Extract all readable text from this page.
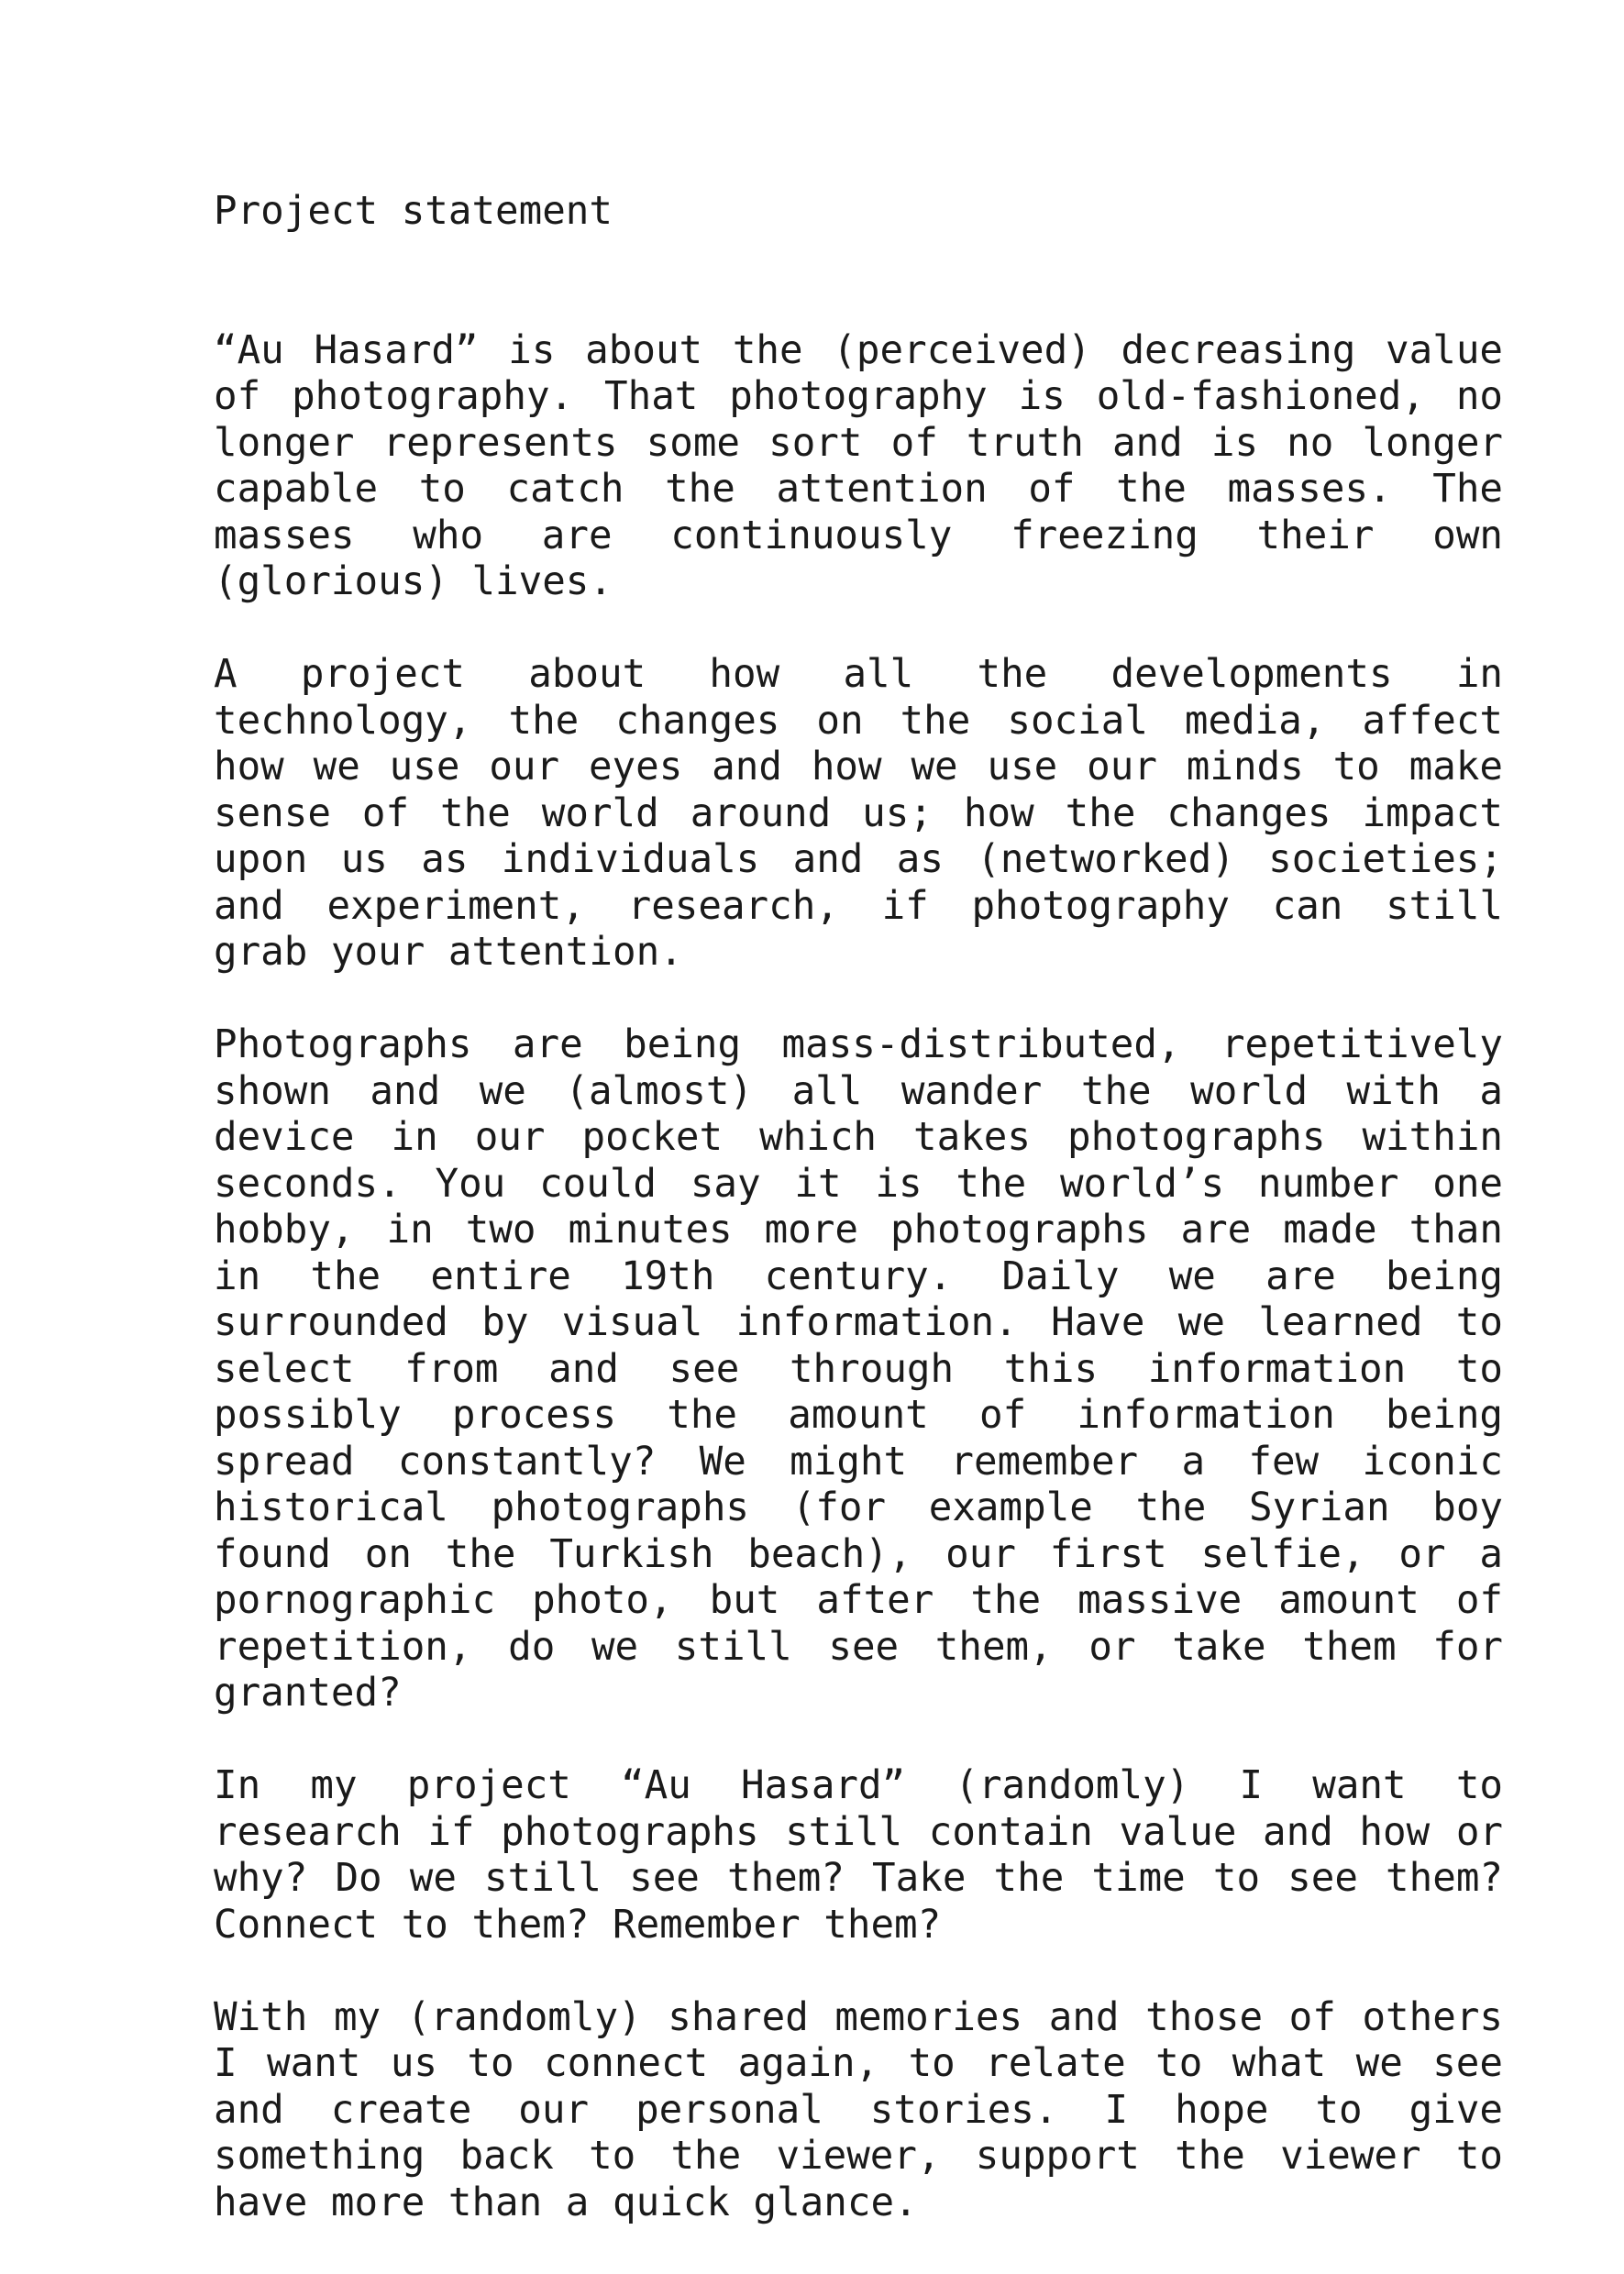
Project statement

“Au Hasard” is about the (perceived) decreasing value of photography. That photography is old-fashioned, no longer represents some sort of truth and is no longer capable to catch the attention of the masses. The masses who are continuously freezing their own (glorious) lives.

A project about how all the developments in technology, the changes on the social media, affect how we use our eyes and how we use our minds to make sense of the world around us; how the changes impact upon us as individuals and as (networked) societies; and experiment, research, if photography can still grab your attention.

Photographs are being mass-distributed, repetitively shown and we (almost) all wander the world with a device in our pocket which takes photographs within seconds. You could say it is the world’s number one hobby, in two minutes more photographs are made than in the entire 19th century. Daily we are being surrounded by visual information. Have we learned to select from and see through this information to possibly process the amount of information being spread constantly? We might remember a few iconic historical photographs (for example the Syrian boy found on the Turkish beach), our first selfie, or a pornographic photo, but after the massive amount of repetition, do we still see them, or take them for granted?

In my project “Au Hasard” (randomly) I want to research if photographs still contain value and how or why? Do we still see them? Take the time to see them? Connect to them? Remember them?

With my (randomly) shared memories and those of others I want us to connect again, to relate to what we see and create our personal stories. I hope to give something back to the viewer, support the viewer to have more than a quick glance.
